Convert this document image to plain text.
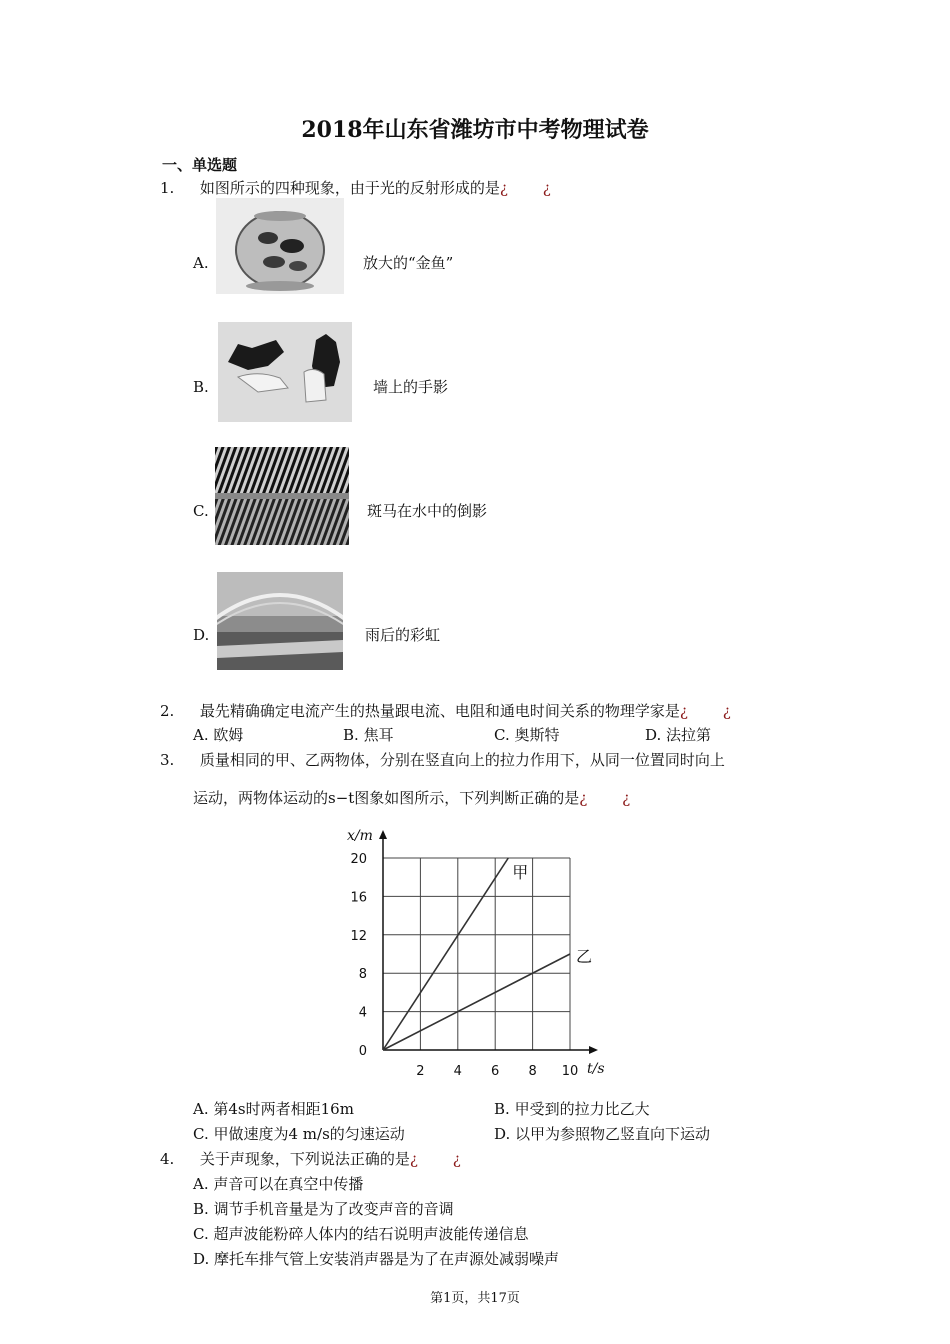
2018年山东省潍坊市中考物理试卷
一、单选题
1. 如图所示的四种现象，由于光的反射形成的是¿ ¿
A.	放大的“金鱼”
B.	墙上的手影
C.	斑马在水中的倒影
D.	雨后的彩虹
2. 最先精确确定电流产生的热量跟电流、电阻和通电时间关系的物理学家是¿ ¿
A. 欧姆	B. 焦耳	C. 奥斯特	D. 法拉第
3. 质量相同的甲、乙两物体，分别在竖直向上的拉力作用下，从同一位置同时向上
运动，两物体运动的s−t图象如图所示，下列判断正确的是¿ ¿
2 4 6 8 10
0
4
8
12
16
20
t/s
x/m
甲
乙
A. 第4s时两者相距16m	B. 甲受到的拉力比乙大
C. 甲做速度为4 m/s的匀速运动	D. 以甲为参照物乙竖直向下运动
4. 关于声现象，下列说法正确的是¿ ¿
A. 声音可以在真空中传播
B. 调节手机音量是为了改变声音的音调
C. 超声波能粉碎人体内的结石说明声波能传递信息
D. 摩托车排气管上安装消声器是为了在声源处减弱噪声
第1页，共17页
